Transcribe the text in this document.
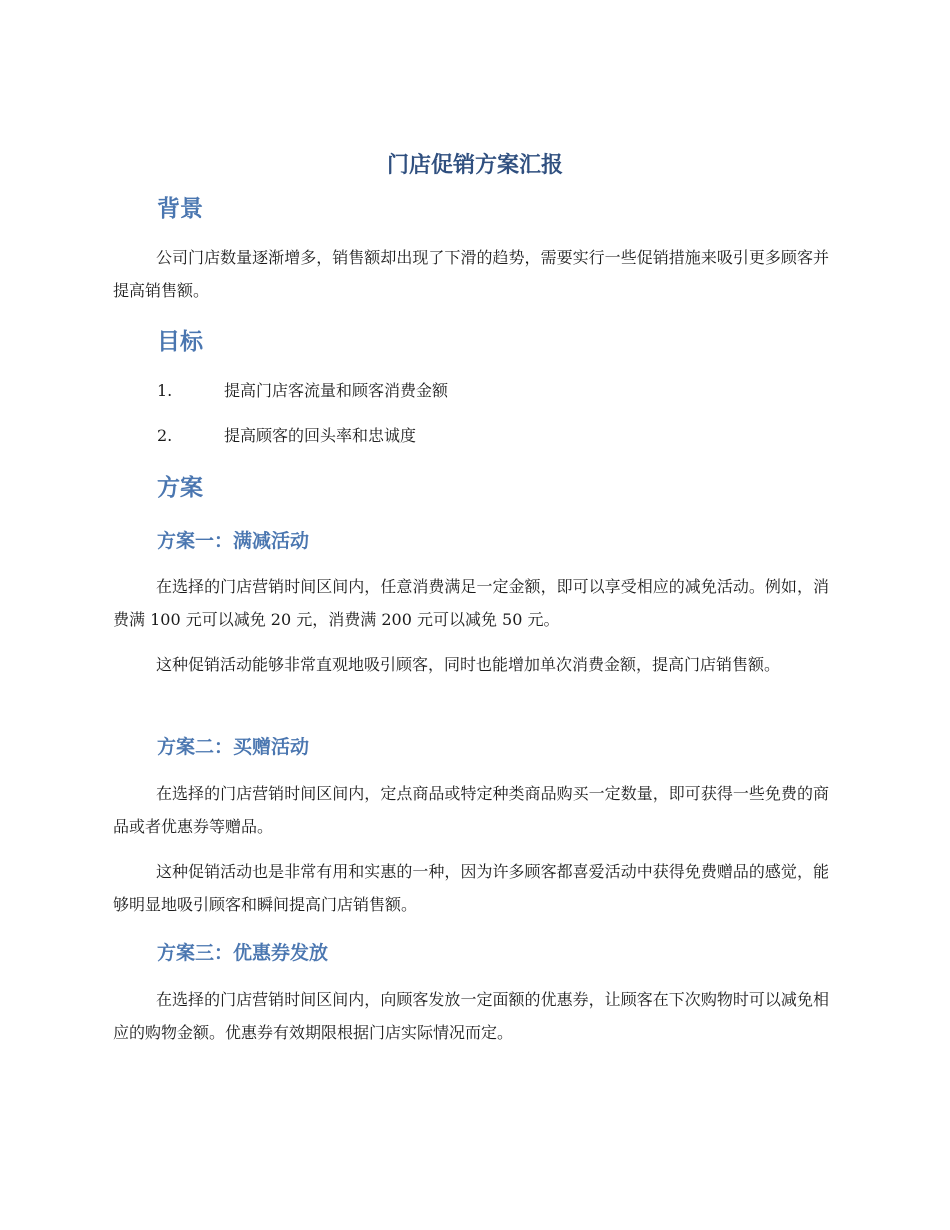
门店促销方案汇报
背景

公司门店数量逐渐增多，销售额却出现了下滑的趋势，需要实行一些促销措施来吸引更多顾客并提高销售额。

目标
1.	提高门店客流量和顾客消费金额
2.	提高顾客的回头率和忠诚度
方案
方案一：满减活动

在选择的门店营销时间区间内，任意消费满足一定金额，即可以享受相应的减免活动。例如，消费满 100 元可以减免 20 元，消费满 200 元可以减免 50 元。

这种促销活动能够非常直观地吸引顾客，同时也能增加单次消费金额，提高门店销售额。

方案二：买赠活动

在选择的门店营销时间区间内，定点商品或特定种类商品购买一定数量，即可获得一些免费的商品或者优惠券等赠品。

这种促销活动也是非常有用和实惠的一种，因为许多顾客都喜爱活动中获得免费赠品的感觉，能够明显地吸引顾客和瞬间提高门店销售额。

方案三：优惠券发放

在选择的门店营销时间区间内，向顾客发放一定面额的优惠券，让顾客在下次购物时可以减免相应的购物金额。优惠券有效期限根据门店实际情况而定。
